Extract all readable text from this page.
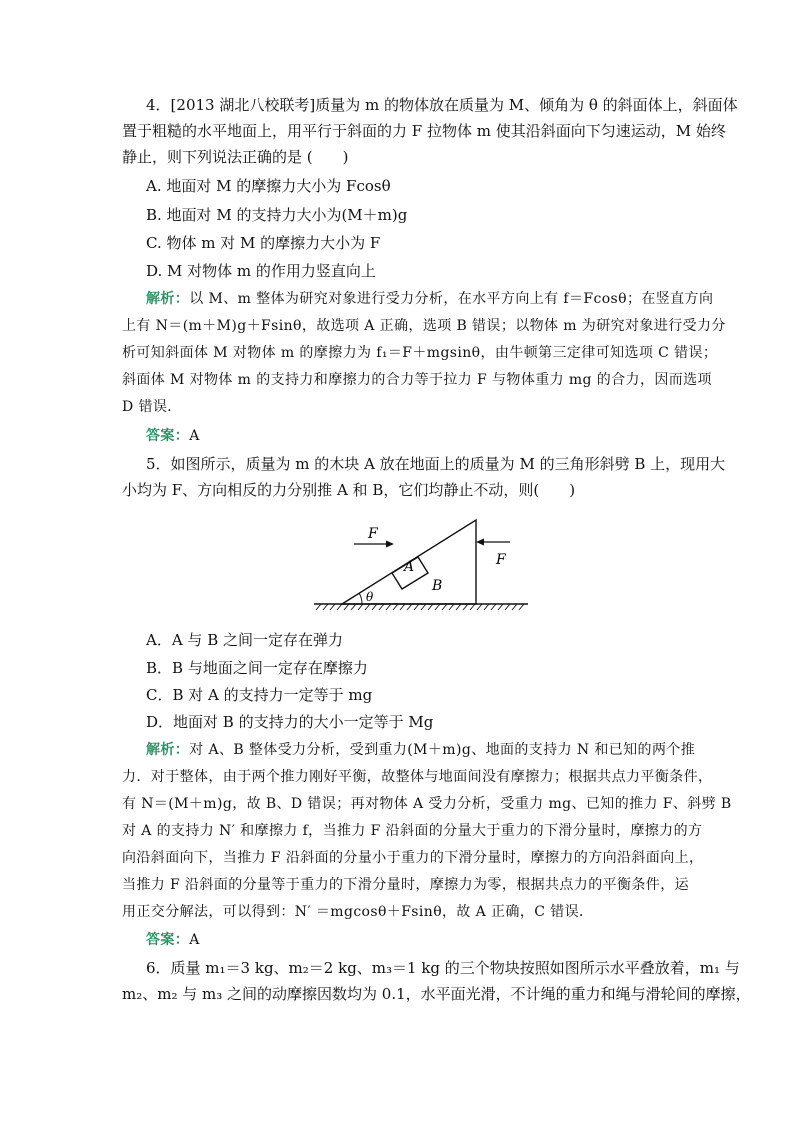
4．[2013 湖北八校联考]质量为 m 的物体放在质量为 M、倾角为 θ 的斜面体上，斜面体
置于粗糙的水平地面上，用平行于斜面的力 F 拉物体 m 使其沿斜面向下匀速运动，M 始终
静止，则下列说法正确的是 (　　)
A. 地面对 M 的摩擦力大小为 Fcosθ
B. 地面对 M 的支持力大小为(M＋m)g
C. 物体 m 对 M 的摩擦力大小为 F
D. M 对物体 m 的作用力竖直向上
解析：以 M、m 整体为研究对象进行受力分析，在水平方向上有 f＝Fcosθ；在竖直方向
上有 N＝(m＋M)g＋Fsinθ，故选项 A 正确，选项 B 错误；以物体 m 为研究对象进行受力分
析可知斜面体 M 对物体 m 的摩擦力为 f₁＝F＋mgsinθ，由牛顿第三定律可知选项 C 错误；
斜面体 M 对物体 m 的支持力和摩擦力的合力等于拉力 F 与物体重力 mg 的合力，因而选项
D 错误．
答案：A
5．如图所示，质量为 m 的木块 A 放在地面上的质量为 M 的三角形斜劈 B 上，现用大
小均为 F、方向相反的力分别推 A 和 B，它们均静止不动，则(　　)
F
A	F
B
θ
A．A 与 B 之间一定存在弹力
B．B 与地面之间一定存在摩擦力
C．B 对 A 的支持力一定等于 mg
D．地面对 B 的支持力的大小一定等于 Mg
解析：对 A、B 整体受力分析，受到重力(M＋m)g、地面的支持力 N 和已知的两个推
力．对于整体，由于两个推力刚好平衡，故整体与地面间没有摩擦力；根据共点力平衡条件，
有 N＝(M＋m)g，故 B、D 错误；再对物体 A 受力分析，受重力 mg、已知的推力 F、斜劈 B
对 A 的支持力 N′ 和摩擦力 f，当推力 F 沿斜面的分量大于重力的下滑分量时，摩擦力的方
向沿斜面向下，当推力 F 沿斜面的分量小于重力的下滑分量时，摩擦力的方向沿斜面向上，
当推力 F 沿斜面的分量等于重力的下滑分量时，摩擦力为零，根据共点力的平衡条件，运
用正交分解法，可以得到：N′ ＝mgcosθ＋Fsinθ，故 A 正确，C 错误．
答案：A
6．质量 m₁＝3 kg、m₂＝2 kg、m₃＝1 kg 的三个物块按照如图所示水平叠放着，m₁ 与
m₂、m₂ 与 m₃ 之间的动摩擦因数均为 0.1，水平面光滑，不计绳的重力和绳与滑轮间的摩擦，
